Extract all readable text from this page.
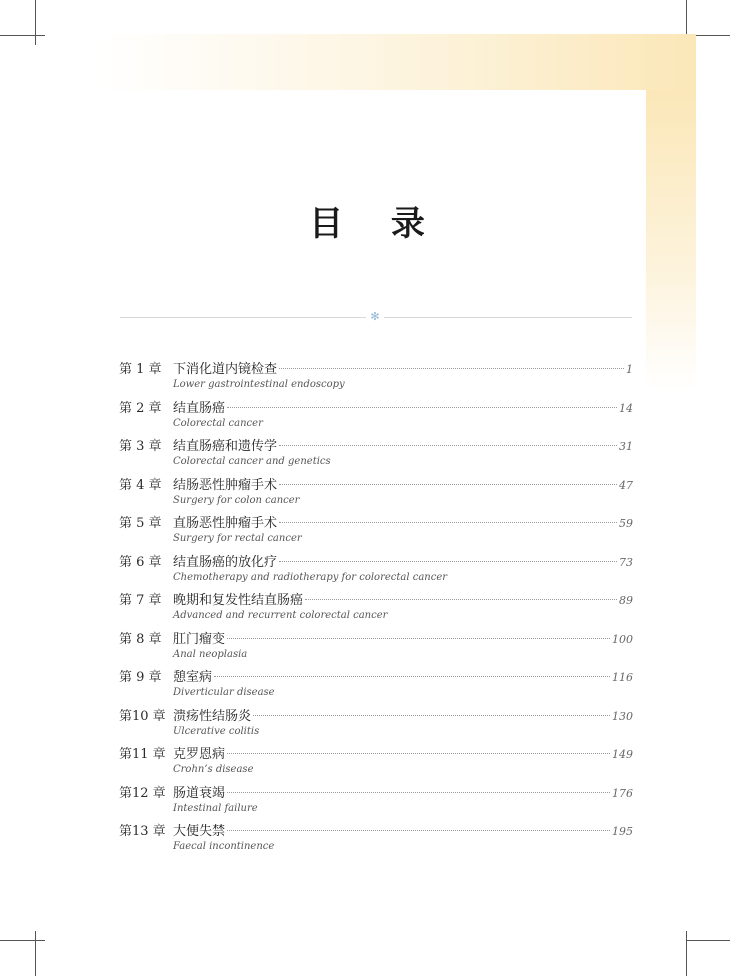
目 录
✻
第 1 章 下消化道内镜检查	1
Lower gastrointestinal endoscopy
第 2 章 结直肠癌	14
Colorectal cancer
第 3 章 结直肠癌和遗传学	31
Colorectal cancer and genetics
第 4 章 结肠恶性肿瘤手术	47
Surgery for colon cancer
第 5 章 直肠恶性肿瘤手术	59
Surgery for rectal cancer
第 6 章 结直肠癌的放化疗	73
Chemotherapy and radiotherapy for colorectal cancer
第 7 章 晚期和复发性结直肠癌	89
Advanced and recurrent colorectal cancer
第 8 章 肛门瘤变	100
Anal neoplasia
第 9 章 憩室病	116
Diverticular disease
第10 章 溃疡性结肠炎	130
Ulcerative colitis
第11 章 克罗恩病	149
Crohn’s disease
第12 章 肠道衰竭	176
Intestinal failure
第13 章 大便失禁	195
Faecal incontinence
